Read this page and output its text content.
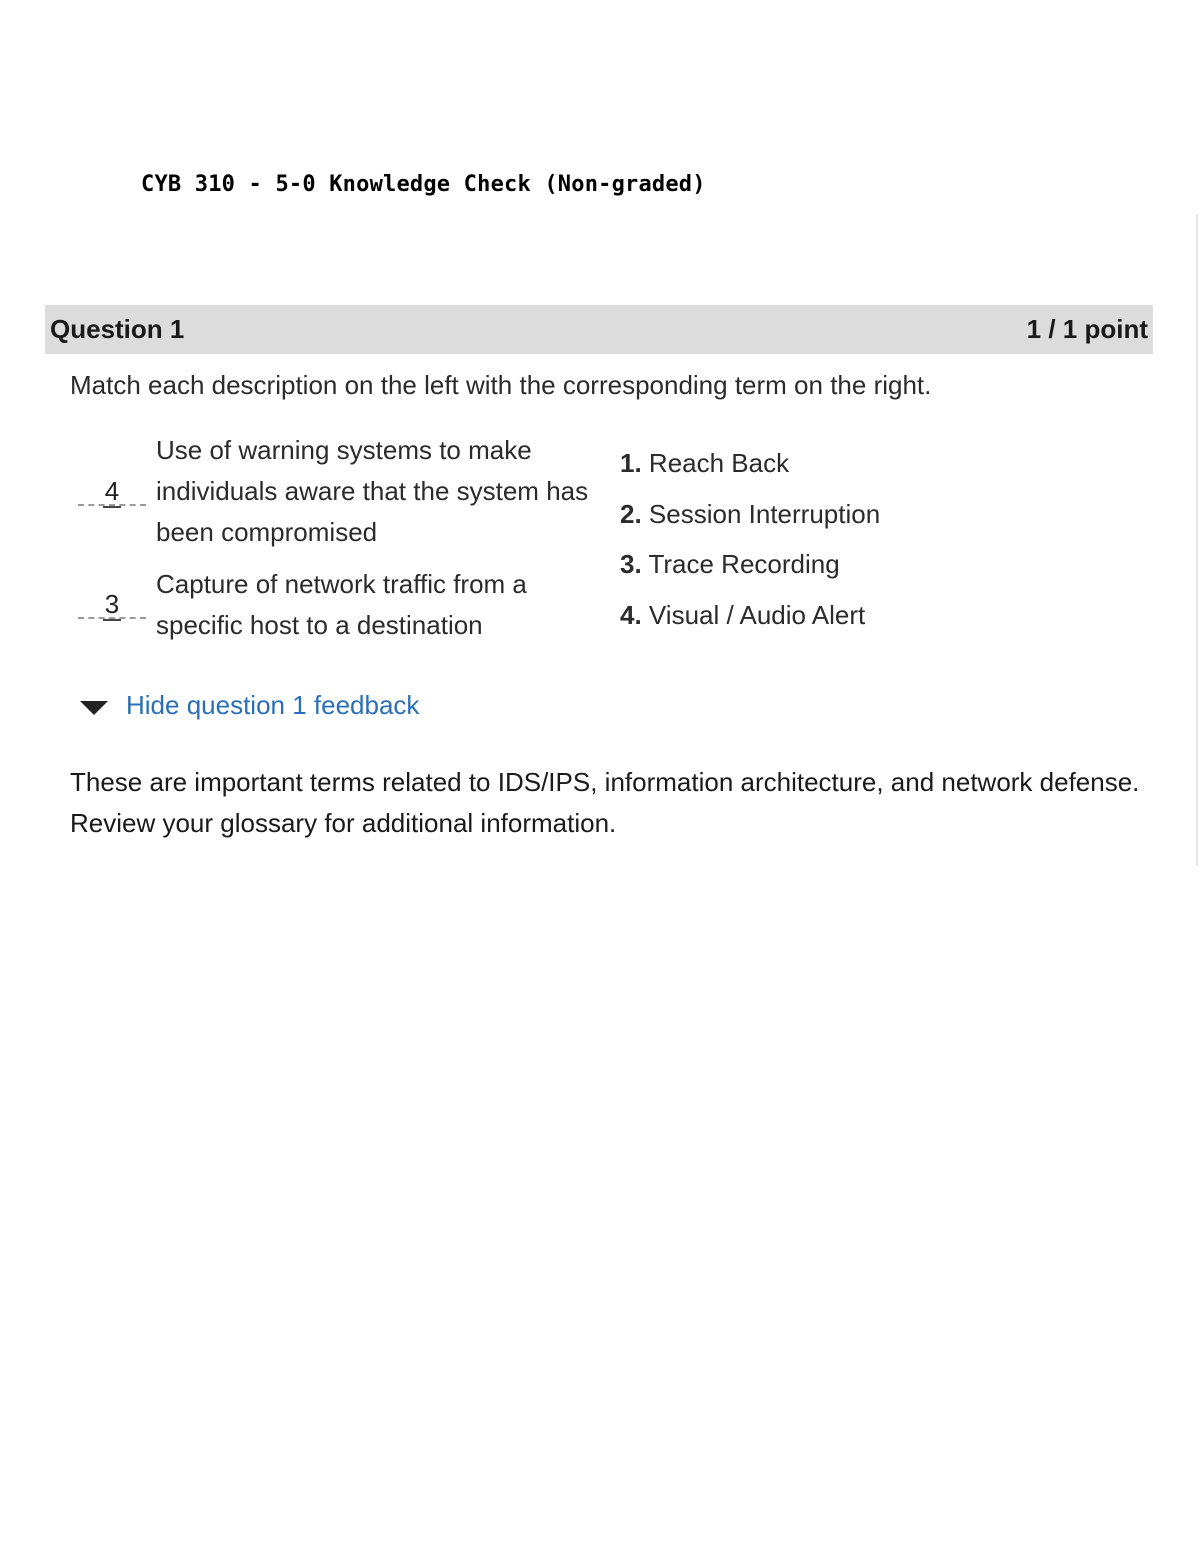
CYB 310 - 5-0 Knowledge Check (Non-graded)
Question 1	1 / 1 point
Match each description on the left with the corresponding term on the right.
4
Use of warning systems to make individuals aware that the system has been compromised
3
Capture of network traffic from a specific host to a destination
1. Reach Back
2. Session Interruption
3. Trace Recording
4. Visual / Audio Alert
Hide question 1 feedback
These are important terms related to IDS/IPS, information architecture, and network defense. Review your glossary for additional information.
